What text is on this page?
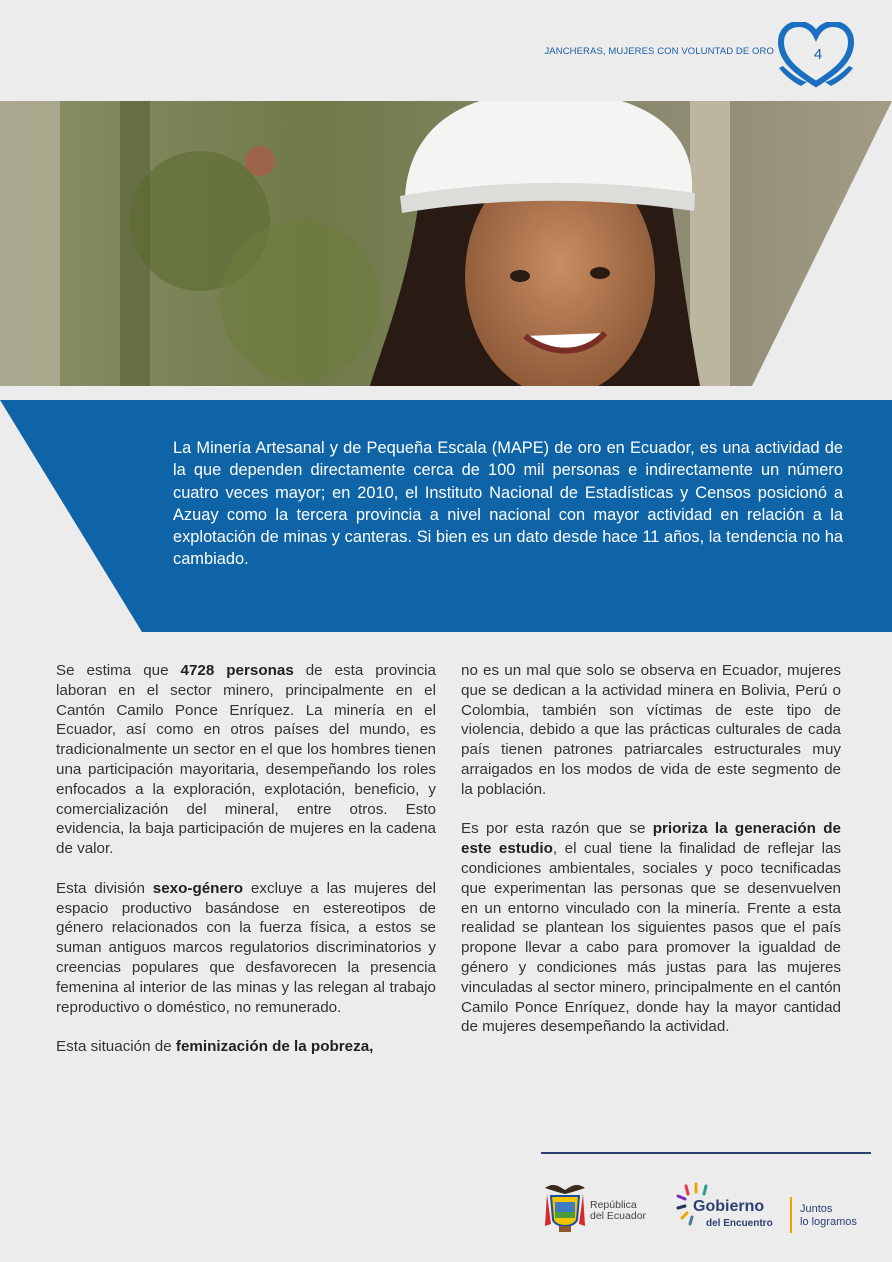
JANCHERAS, MUJERES CON VOLUNTAD DE ORO	4
La Minería Artesanal y de Pequeña Escala (MAPE) de oro en Ecuador, es una actividad de la que dependen directamente cerca de 100 mil personas e indirectamente un número cuatro veces mayor; en 2010, el Instituto Nacional de Estadísticas y Censos posicionó a Azuay como la tercera provincia a nivel nacional con mayor actividad en relación a la explotación de minas y canteras. Si bien es un dato desde hace 11 años, la tendencia no ha cambiado.

Se estima que 4728 personas de esta provincia laboran en el sector minero, principalmente en el Cantón Camilo Ponce Enríquez. La minería en el Ecuador, así como en otros países del mundo, es tradicionalmente un sector en el que los hombres tienen una participación mayoritaria, desempeñando los roles enfocados a la exploración, explotación, beneficio, y comercialización del mineral, entre otros. Esto evidencia, la baja participación de mujeres en la cadena de valor.

Esta división sexo-género excluye a las mujeres del espacio productivo basándose en estereotipos de género relacionados con la fuerza física, a estos se suman antiguos marcos regulatorios discriminatorios y creencias populares que desfavorecen la presencia femenina al interior de las minas y las relegan al trabajo reproductivo o doméstico, no remunerado.

Esta situación de feminización de la pobreza,

no es un mal que solo se observa en Ecuador, mujeres que se dedican a la actividad minera en Bolivia, Perú o Colombia, también son víctimas de este tipo de violencia, debido a que las prácticas culturales de cada país tienen patrones patriarcales estructurales muy arraigados en los modos de vida de este segmento de la población.

Es por esta razón que se prioriza la generación de este estudio, el cual tiene la finalidad de reflejar las condiciones ambientales, sociales y poco tecnificadas que experimentan las personas que se desenvuelven en un entorno vinculado con la minería. Frente a esta realidad se plantean los siguientes pasos que el país propone llevar a cabo para promover la igualdad de género y condiciones más justas para las mujeres vinculadas al sector minero, principalmente en el cantón Camilo Ponce Enríquez, donde hay la mayor cantidad de mujeres desempeñando la actividad.

República
del Ecuador
Gobierno
del Encuentro
Juntos
lo logramos
